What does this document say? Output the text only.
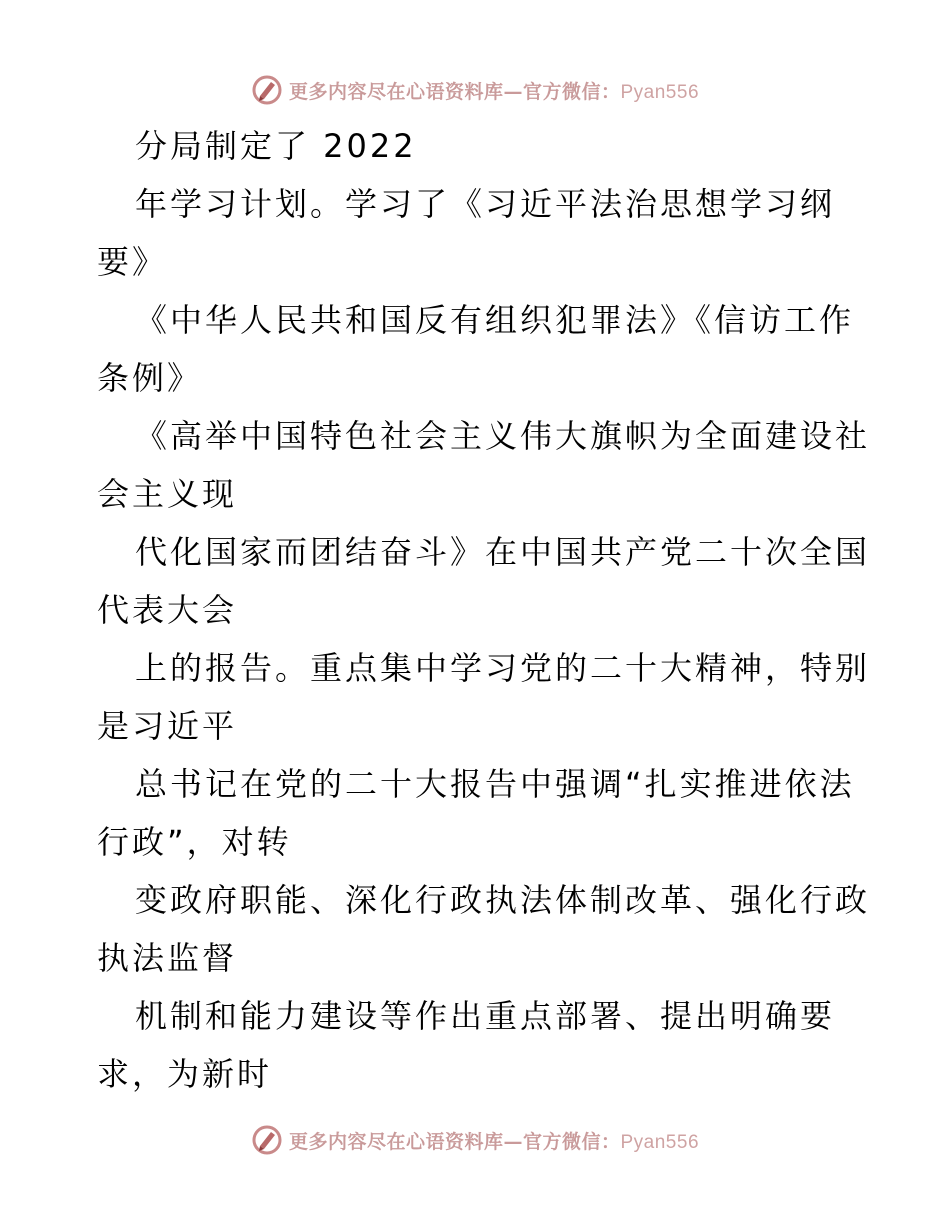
更多内容尽在心语资料库—官方微信：Pyan556
分局制定了 2022
年学习计划。学习了《习近平法治思想学习纲
要》
《中华人民共和国反有组织犯罪法》《信访工作
条例》
《高举中国特色社会主义伟大旗帜为全面建设社
会主义现
代化国家而团结奋斗》在中国共产党二十次全国
代表大会
上的报告。重点集中学习党的二十大精神，特别
是习近平
总书记在党的二十大报告中强调“扎实推进依法
行政”，对转
变政府职能、深化行政执法体制改革、强化行政
执法监督
机制和能力建设等作出重点部署、提出明确要
求，为新时
更多内容尽在心语资料库—官方微信：Pyan556
